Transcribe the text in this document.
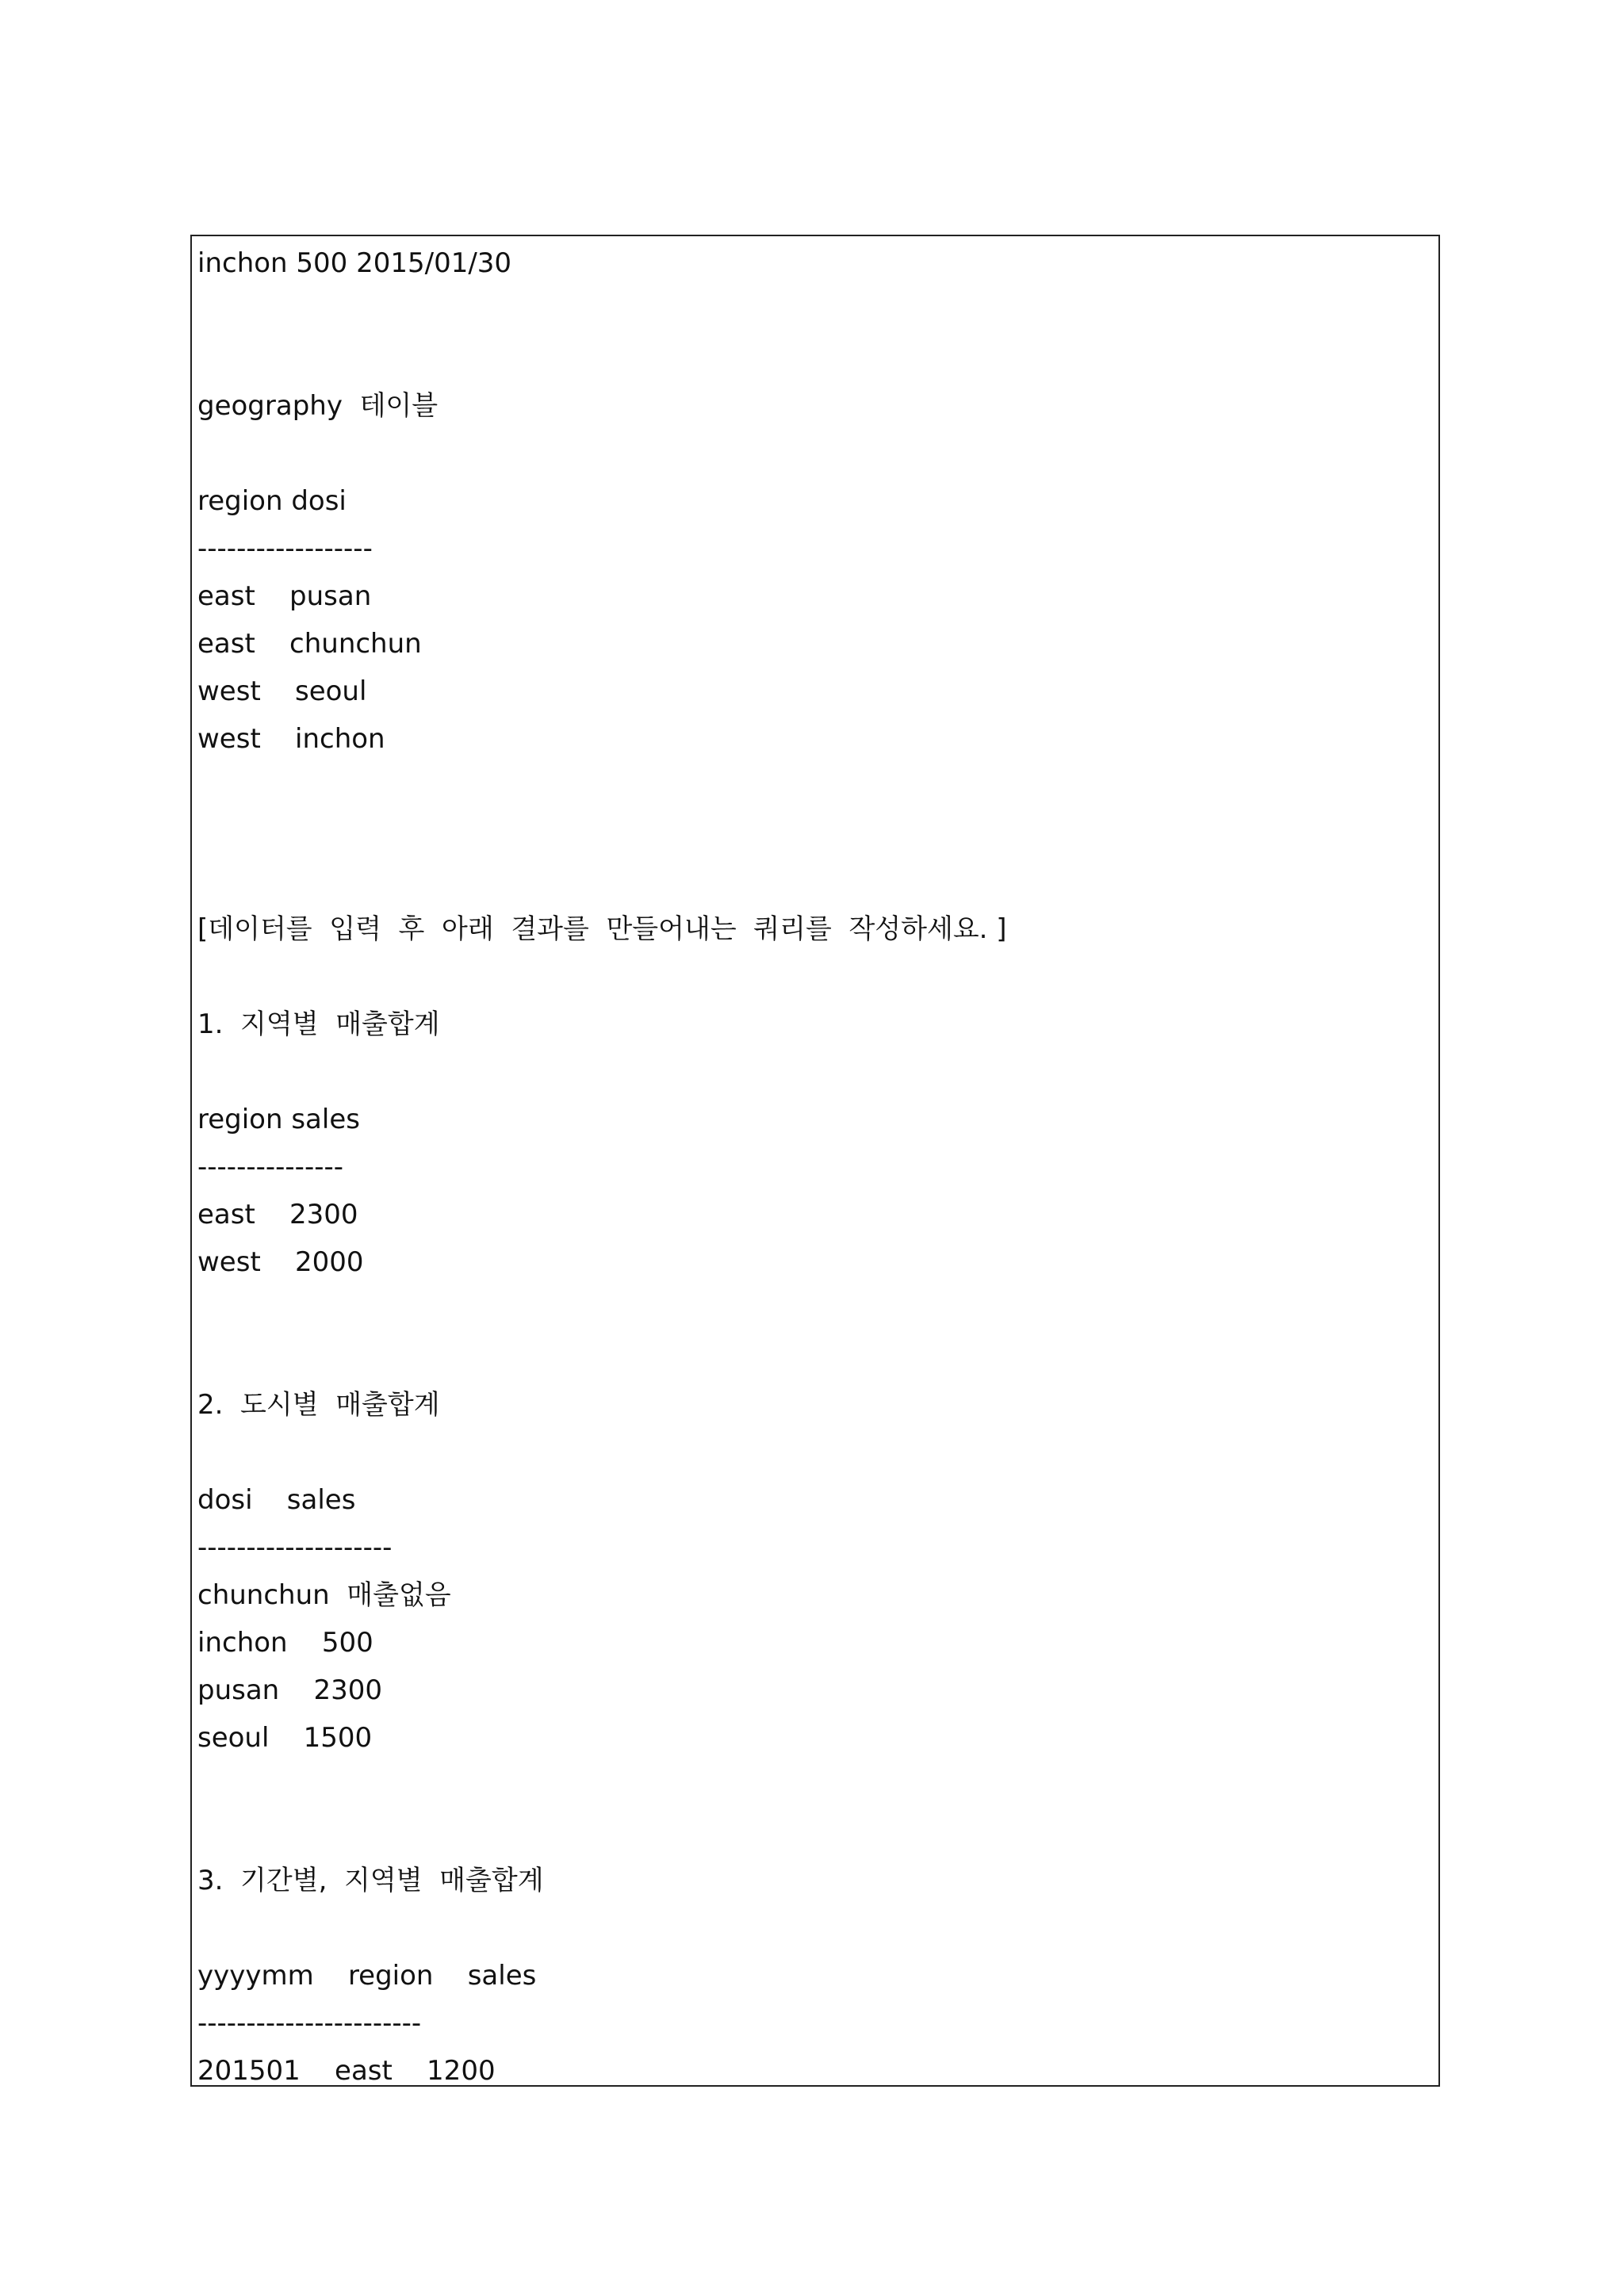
inchon 500 2015/01/30
geography  테이블
region dosi
------------------
east    pusan
east    chunchun
west    seoul
west    inchon
[데이터를  입력  후  아래  결과를  만들어내는  쿼리를  작성하세요. ]
1.  지역별  매출합계
region sales
---------------
east    2300
west    2000
2.  도시별  매출합계
dosi    sales
--------------------
chunchun  매출없음
inchon    500
pusan    2300
seoul    1500
3.  기간별,  지역별  매출합계
yyyymm    region    sales
-----------------------
201501    east    1200
